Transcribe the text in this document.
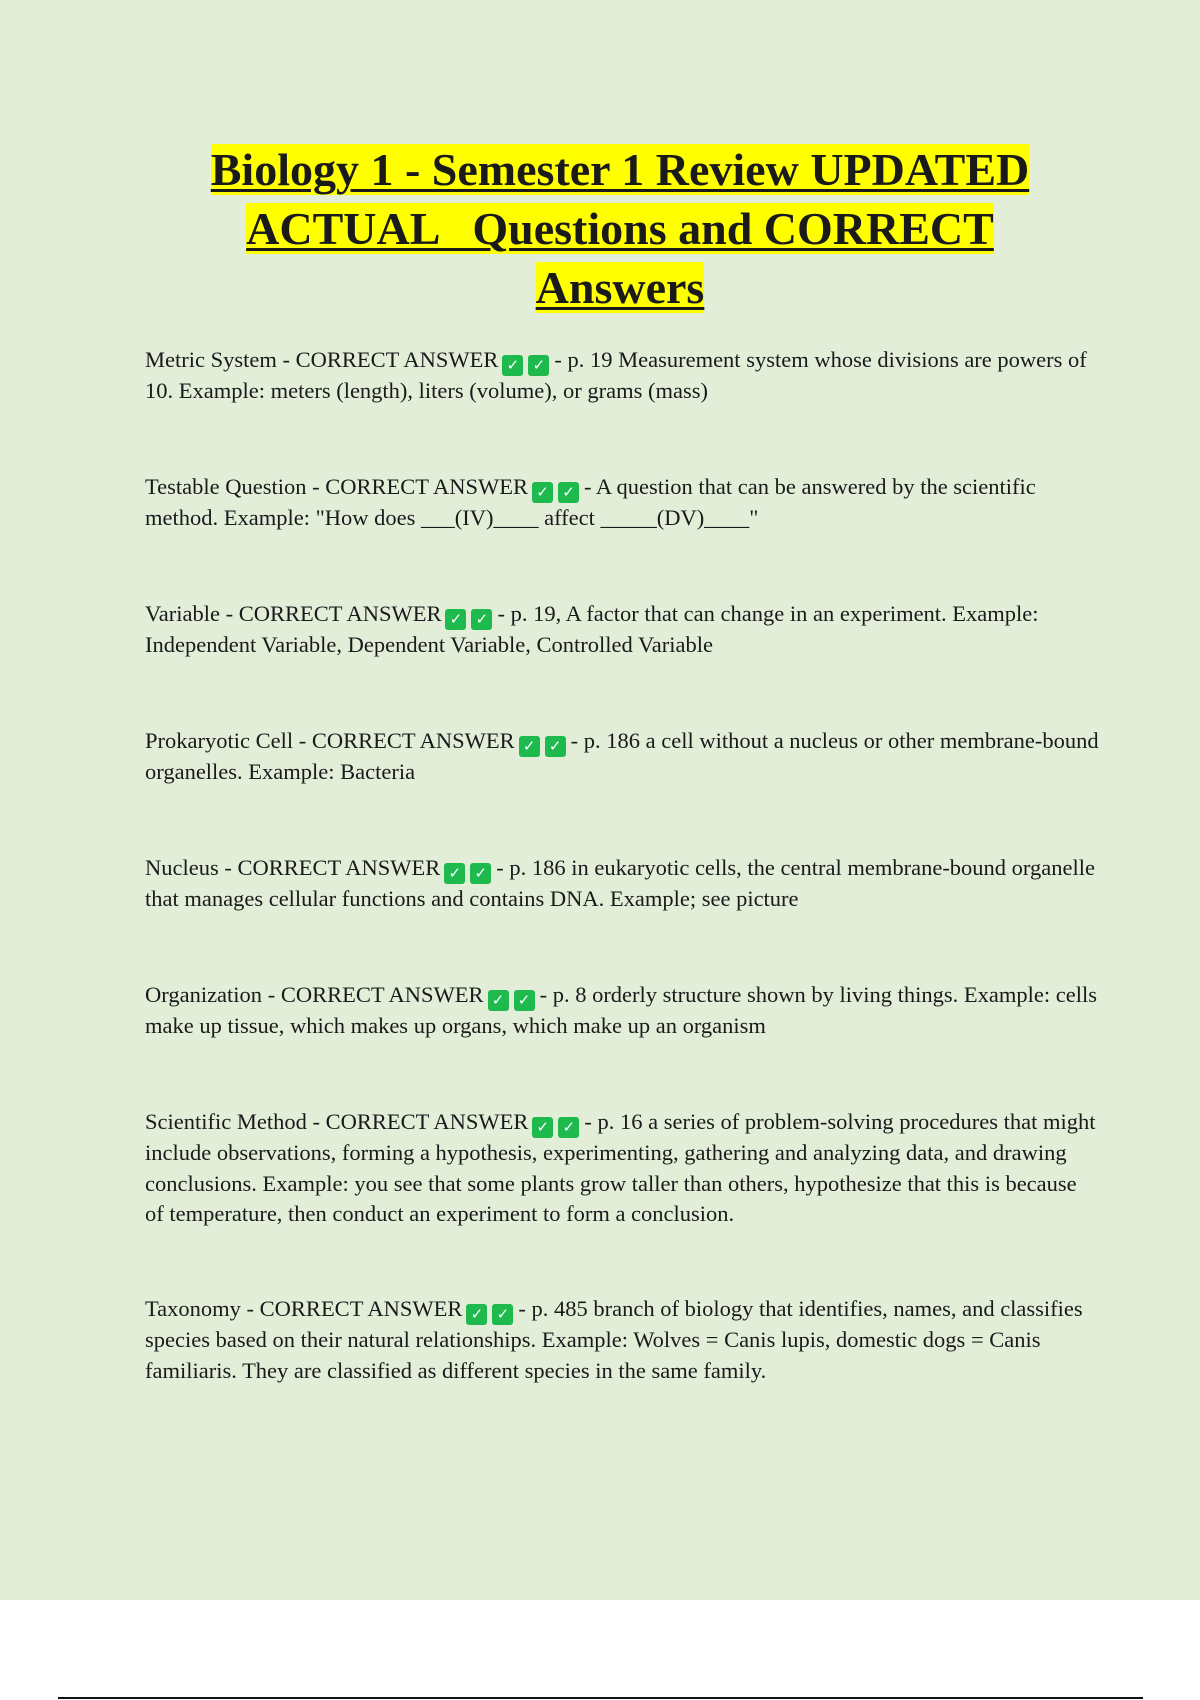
Biology 1 - Semester 1 Review UPDATED
ACTUAL   Questions and CORRECT
Answers

Metric System - CORRECT ANSWER ✓ ✓ - p. 19 Measurement system whose divisions are powers of 10. Example: meters (length), liters (volume), or grams (mass)

Testable Question - CORRECT ANSWER ✓ ✓ - A question that can be answered by the scientific method. Example: "How does ___(IV)____ affect _____(DV)____"

Variable - CORRECT ANSWER ✓ ✓ - p. 19, A factor that can change in an experiment. Example: Independent Variable, Dependent Variable, Controlled Variable

Prokaryotic Cell - CORRECT ANSWER ✓ ✓ - p. 186 a cell without a nucleus or other membrane-bound organelles. Example: Bacteria

Nucleus - CORRECT ANSWER ✓ ✓ - p. 186 in eukaryotic cells, the central membrane-bound organelle that manages cellular functions and contains DNA. Example; see picture

Organization - CORRECT ANSWER ✓ ✓ - p. 8 orderly structure shown by living things. Example: cells make up tissue, which makes up organs, which make up an organism

Scientific Method - CORRECT ANSWER ✓ ✓ - p. 16 a series of problem-solving procedures that might include observations, forming a hypothesis, experimenting, gathering and analyzing data, and drawing conclusions. Example: you see that some plants grow taller than others, hypothesize that this is because of temperature, then conduct an experiment to form a conclusion.

Taxonomy - CORRECT ANSWER ✓ ✓ - p. 485 branch of biology that identifies, names, and classifies species based on their natural relationships. Example: Wolves = Canis lupis, domestic dogs = Canis familiaris. They are classified as different species in the same family.
